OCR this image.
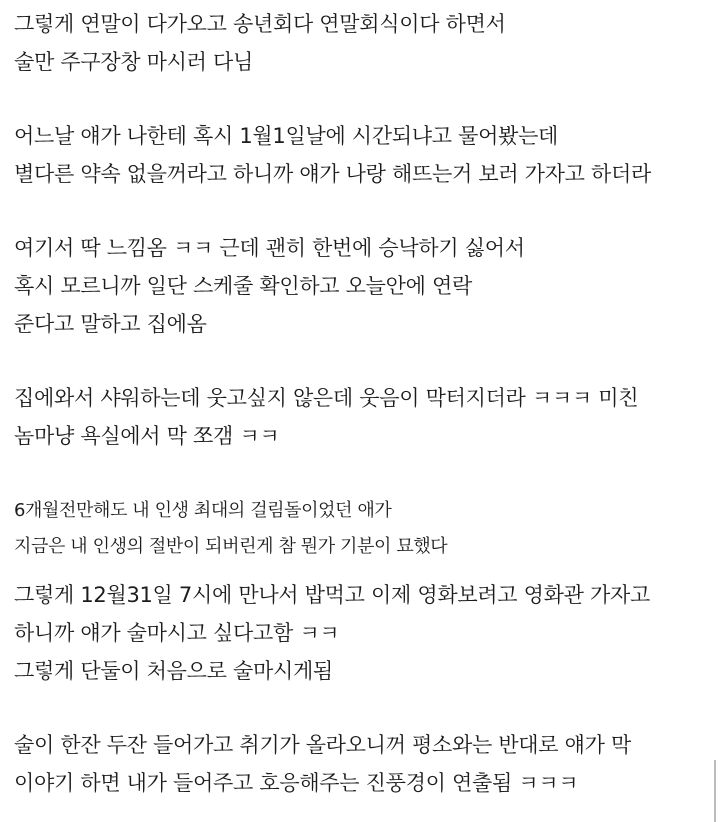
그렇게 연말이 다가오고 송년회다 연말회식이다 하면서
술만 주구장창 마시러 다님
어느날 얘가 나한테 혹시 1월1일날에 시간되냐고 물어봤는데
별다른 약속 없을꺼라고 하니까 얘가 나랑 해뜨는거 보러 가자고 하더라
여기서 딱 느낌옴 ㅋㅋ 근데 괜히 한번에 승낙하기 싫어서
혹시 모르니까 일단 스케줄 확인하고 오늘안에 연락
준다고 말하고 집에옴
집에와서 샤워하는데 웃고싶지 않은데 웃음이 막터지더라 ㅋㅋㅋ 미친
놈마냥 욕실에서 막 쪼갬 ㅋㅋ
6개월전만해도 내 인생 최대의 걸림돌이었던 애가
지금은 내 인생의 절반이 되버린게 참 뭔가 기분이 묘했다
그렇게 12월31일 7시에 만나서 밥먹고 이제 영화보려고 영화관 가자고
하니까 얘가 술마시고 싶다고함 ㅋㅋ
그렇게 단둘이 처음으로 술마시게됨
술이 한잔 두잔 들어가고 취기가 올라오니꺼 평소와는 반대로 얘가 막
이야기 하면 내가 들어주고 호응해주는 진풍경이 연출됨 ㅋㅋㅋ
